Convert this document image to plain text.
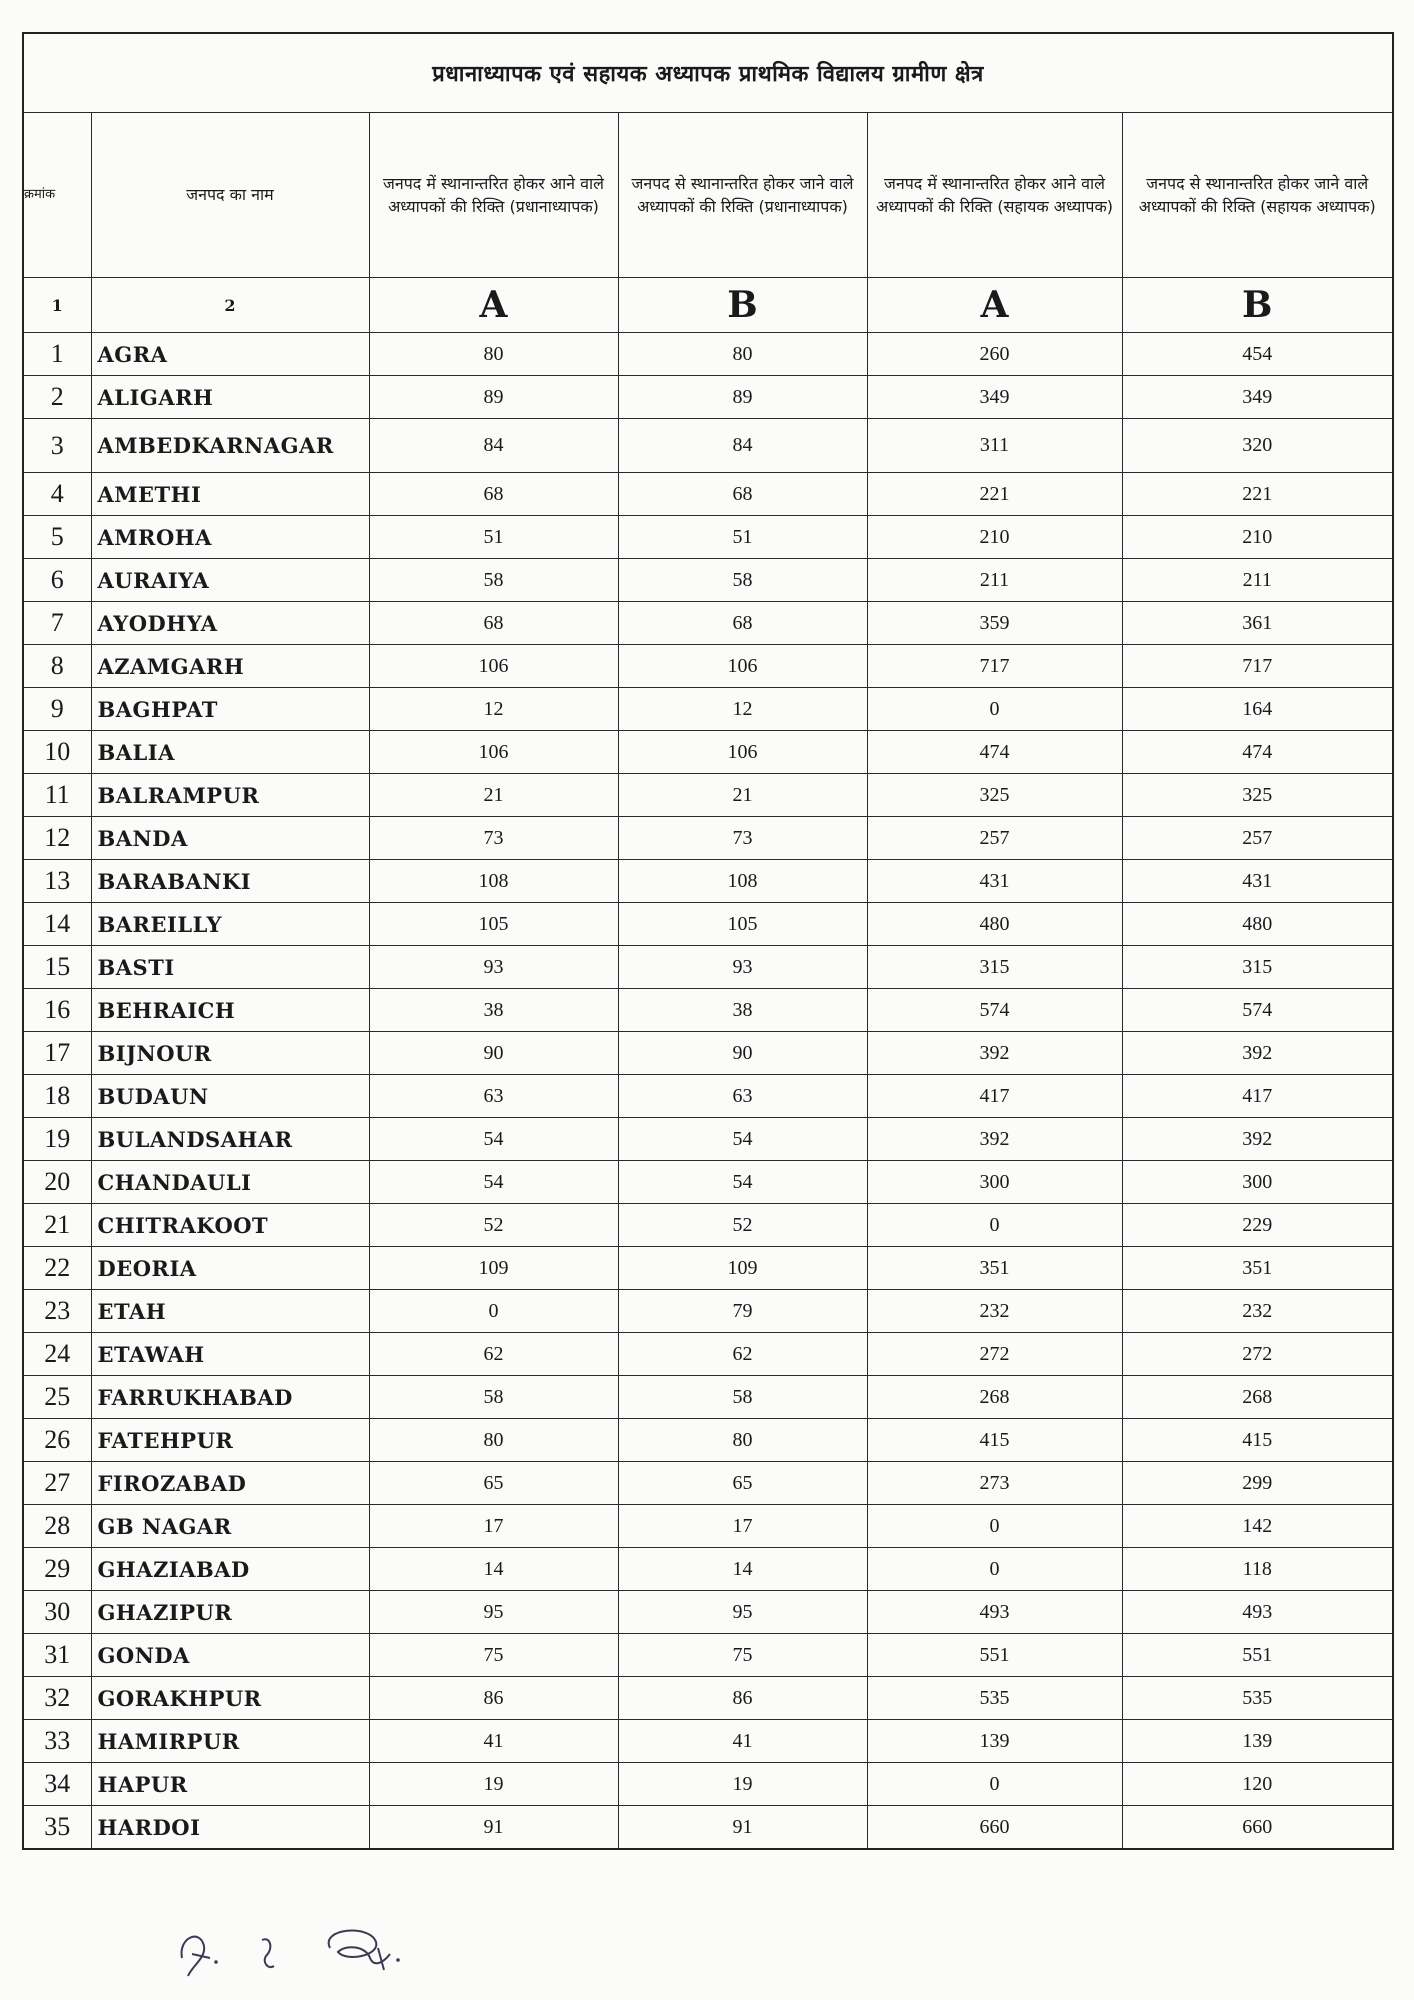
प्रधानाध्यापक एवं सहायक अध्यापक प्राथमिक विद्यालय ग्रामीण क्षेत्र					
क्रमांक	जनपद का नाम	जनपद में स्थानान्तरित होकर आने वाले अध्यापकों की रिक्ति (प्रधानाध्यापक)	जनपद से स्थानान्तरित होकर जाने वाले अध्यापकों की रिक्ति (प्रधानाध्यापक)	जनपद में स्थानान्तरित होकर आने वाले अध्यापकों की रिक्ति (सहायक अध्यापक)	जनपद से स्थानान्तरित होकर जाने वाले अध्यापकों की रिक्ति (सहायक अध्यापक)
1	2	A	B	A	B
1	AGRA	80	80	260	454
2	ALIGARH	89	89	349	349
3	AMBEDKARNAGAR	84	84	311	320
4	AMETHI	68	68	221	221
5	AMROHA	51	51	210	210
6	AURAIYA	58	58	211	211
7	AYODHYA	68	68	359	361
8	AZAMGARH	106	106	717	717
9	BAGHPAT	12	12	0	164
10	BALIA	106	106	474	474
11	BALRAMPUR	21	21	325	325
12	BANDA	73	73	257	257
13	BARABANKI	108	108	431	431
14	BAREILLY	105	105	480	480
15	BASTI	93	93	315	315
16	BEHRAICH	38	38	574	574
17	BIJNOUR	90	90	392	392
18	BUDAUN	63	63	417	417
19	BULANDSAHAR	54	54	392	392
20	CHANDAULI	54	54	300	300
21	CHITRAKOOT	52	52	0	229
22	DEORIA	109	109	351	351
23	ETAH	0	79	232	232
24	ETAWAH	62	62	272	272
25	FARRUKHABAD	58	58	268	268
26	FATEHPUR	80	80	415	415
27	FIROZABAD	65	65	273	299
28	GB NAGAR	17	17	0	142
29	GHAZIABAD	14	14	0	118
30	GHAZIPUR	95	95	493	493
31	GONDA	75	75	551	551
32	GORAKHPUR	86	86	535	535
33	HAMIRPUR	41	41	139	139
34	HAPUR	19	19	0	120
35	HARDOI	91	91	660	660
